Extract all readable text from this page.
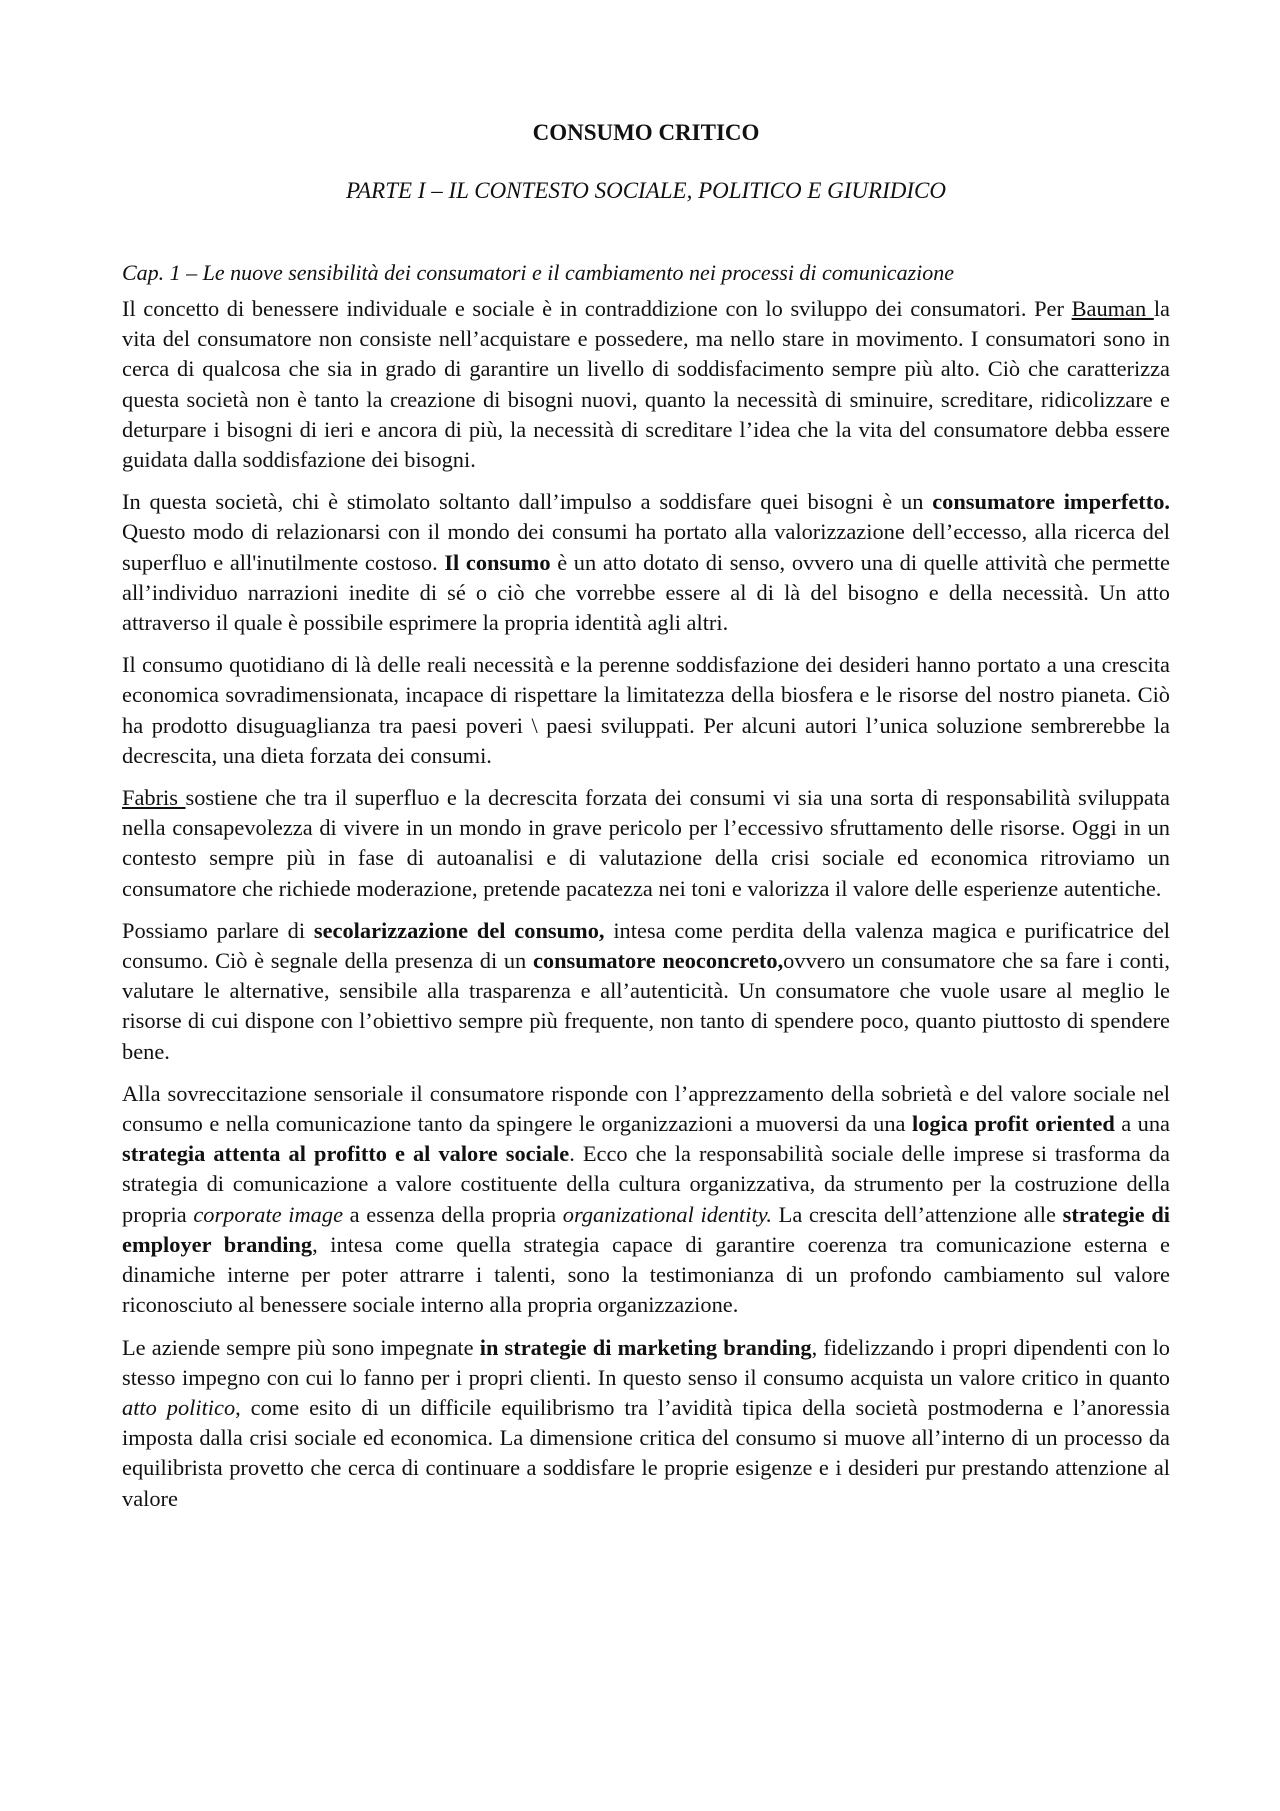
CONSUMO CRITICO
PARTE I – IL CONTESTO SOCIALE, POLITICO E GIURIDICO
Cap. 1 – Le nuove sensibilità dei consumatori e il cambiamento nei processi di comunicazione

Il concetto di benessere individuale e sociale è in contraddizione con lo sviluppo dei consumatori. Per Bauman la vita del consumatore non consiste nell’acquistare e possedere, ma nello stare in movimento. I consumatori sono in cerca di qualcosa che sia in grado di garantire un livello di soddisfacimento sempre più alto. Ciò che caratterizza questa società non è tanto la creazione di bisogni nuovi, quanto la necessità di sminuire, screditare, ridicolizzare e deturpare i bisogni di ieri e ancora di più, la necessità di screditare l’idea che la vita del consumatore debba essere guidata dalla soddisfazione dei bisogni.

In questa società, chi è stimolato soltanto dall’impulso a soddisfare quei bisogni è un consumatore imperfetto. Questo modo di relazionarsi con il mondo dei consumi ha portato alla valorizzazione dell’eccesso, alla ricerca del superfluo e all'inutilmente costoso. Il consumo è un atto dotato di senso, ovvero una di quelle attività che permette all’individuo narrazioni inedite di sé o ciò che vorrebbe essere al di là del bisogno e della necessità. Un atto attraverso il quale è possibile esprimere la propria identità agli altri.

Il consumo quotidiano di là delle reali necessità e la perenne soddisfazione dei desideri hanno portato a una crescita economica sovradimensionata, incapace di rispettare la limitatezza della biosfera e le risorse del nostro pianeta. Ciò ha prodotto disuguaglianza tra paesi poveri \ paesi sviluppati. Per alcuni autori l’unica soluzione sembrerebbe la decrescita, una dieta forzata dei consumi.

Fabris sostiene che tra il superfluo e la decrescita forzata dei consumi vi sia una sorta di responsabilità sviluppata nella consapevolezza di vivere in un mondo in grave pericolo per l’eccessivo sfruttamento delle risorse. Oggi in un contesto sempre più in fase di autoanalisi e di valutazione della crisi sociale ed economica ritroviamo un consumatore che richiede moderazione, pretende pacatezza nei toni e valorizza il valore delle esperienze autentiche.

Possiamo parlare di secolarizzazione del consumo, intesa come perdita della valenza magica e purificatrice del consumo. Ciò è segnale della presenza di un consumatore neoconcreto,ovvero un consumatore che sa fare i conti, valutare le alternative, sensibile alla trasparenza e all’autenticità. Un consumatore che vuole usare al meglio le risorse di cui dispone con l’obiettivo sempre più frequente, non tanto di spendere poco, quanto piuttosto di spendere bene.

Alla sovreccitazione sensoriale il consumatore risponde con l’apprezzamento della sobrietà e del valore sociale nel consumo e nella comunicazione tanto da spingere le organizzazioni a muoversi da una logica profit oriented a una strategia attenta al profitto e al valore sociale. Ecco che la responsabilità sociale delle imprese si trasforma da strategia di comunicazione a valore costituente della cultura organizzativa, da strumento per la costruzione della propria corporate image a essenza della propria organizational identity. La crescita dell’attenzione alle strategie di employer branding, intesa come quella strategia capace di garantire coerenza tra comunicazione esterna e dinamiche interne per poter attrarre i talenti, sono la testimonianza di un profondo cambiamento sul valore riconosciuto al benessere sociale interno alla propria organizzazione.

Le aziende sempre più sono impegnate in strategie di marketing branding, fidelizzando i propri dipendenti con lo stesso impegno con cui lo fanno per i propri clienti. In questo senso il consumo acquista un valore critico in quanto atto politico, come esito di un difficile equilibrismo tra l’avidità tipica della società postmoderna e l’anoressia imposta dalla crisi sociale ed economica. La dimensione critica del consumo si muove all’interno di un processo da equilibrista provetto che cerca di continuare a soddisfare le proprie esigenze e i desideri pur prestando attenzione al valore
